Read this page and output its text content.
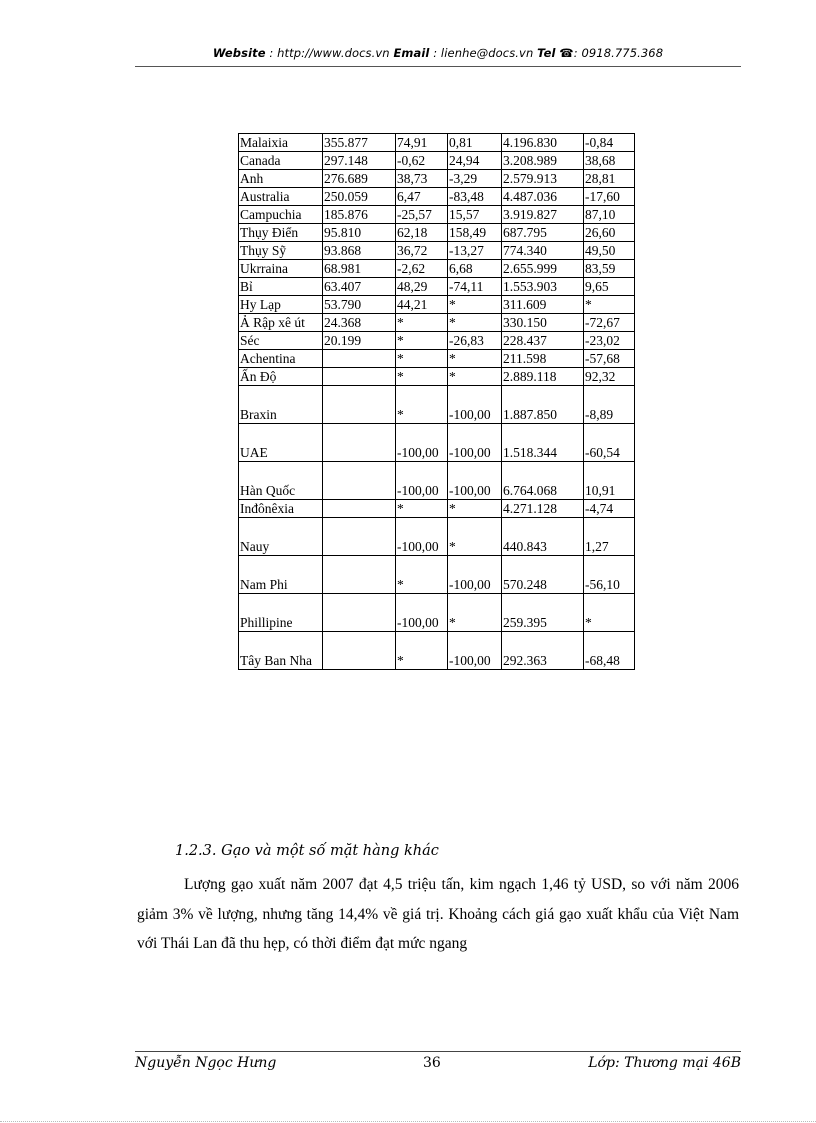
Website : http://www.docs.vn Email : lienhe@docs.vn Tel ☎: 0918.775.368
Malaixia	355.877	74,91	0,81	4.196.830	-0,84
Canada	297.148	-0,62	24,94	3.208.989	38,68
Anh	276.689	38,73	-3,29	2.579.913	28,81
Australia	250.059	6,47	-83,48	4.487.036	-17,60
Campuchia	185.876	-25,57	15,57	3.919.827	87,10
Thụy Điển	95.810	62,18	158,49	687.795	26,60
Thụy Sỹ	93.868	36,72	-13,27	774.340	49,50
Ukrraina	68.981	-2,62	6,68	2.655.999	83,59
Bỉ	63.407	48,29	-74,11	1.553.903	9,65
Hy Lạp	53.790	44,21	*	311.609	*
Ả Rập xê út	24.368	*	*	330.150	-72,67
Séc	20.199	*	-26,83	228.437	-23,02
Achentina		*	*	211.598	-57,68
Ấn Độ		*	*	2.889.118	92,32
Braxin		*	-100,00	1.887.850	-8,89
UAE		-100,00	-100,00	1.518.344	-60,54
Hàn Quốc		-100,00	-100,00	6.764.068	10,91
Inđônêxia		*	*	4.271.128	-4,74
Nauy		-100,00	*	440.843	1,27
Nam Phi		*	-100,00	570.248	-56,10
Phillipine		-100,00	*	259.395	*
Tây Ban Nha		*	-100,00	292.363	-68,48
1.2.3. Gạo và một số mặt hàng khác
Lượng gạo xuất năm 2007 đạt 4,5 triệu tấn, kim ngạch 1,46 tỷ USD, so với năm 2006 giảm 3% về lượng, nhưng tăng 14,4% về giá trị. Khoảng cách giá gạo xuất khẩu của Việt Nam với Thái Lan đã thu hẹp, có thời điểm đạt mức ngang
Nguyễn Ngọc Hưng	36	Lớp: Thương mại 46B
